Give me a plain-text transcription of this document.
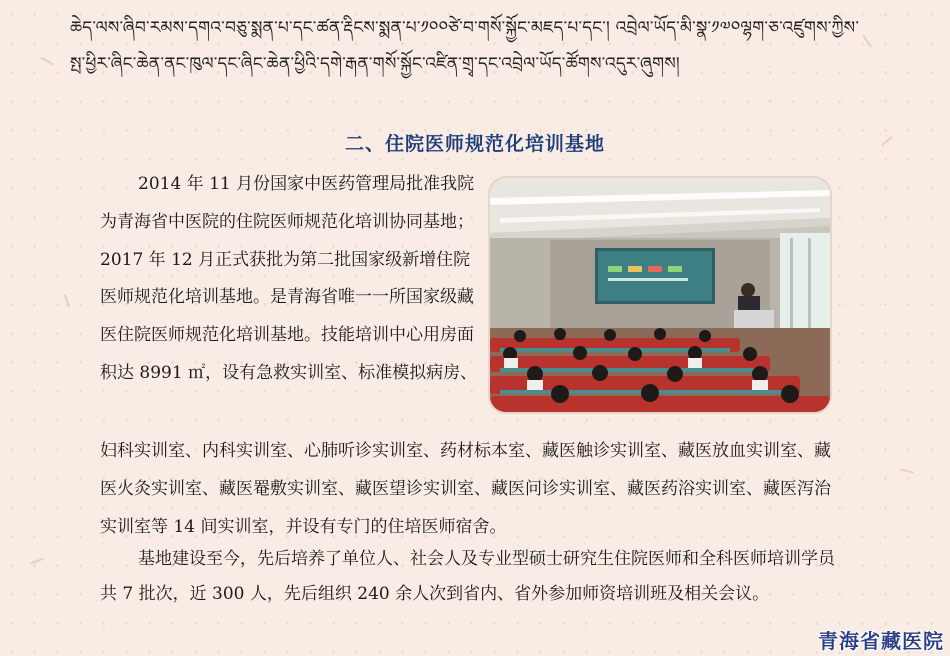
ཆེད་ལས་ཞིབ་རམས་དགའ་བཅུ་སྨན་པ་དང་ཚན་རྡིངས་སྨན་པ་༡༠༠ཙེ་བ་གསོ་སྐྱོང་མཇད་པ་དང་། འབྲེལ་ཡོད་མི་སྣ་༡༧༠ལྷག་ཅ་འཛུགས་ཀྱིས་སྤ་ཕྱིར་ཞིང་ཆེན་ནང་ཁུལ་དང་ཞིང་ཆེན་ཕྱིའི་དགེ་རྒན་གསོ་སྐྱོང་འཛིན་གྲྭ་དང་འབྲེལ་ཡོད་ཚོགས་འདུར་ཞུགས།

二、住院医师规范化培训基地

2014 年 11 月份国家中医药管理局批准我院为青海省中医院的住院医师规范化培训协同基地；2017 年 12 月正式获批为第二批国家级新增住院医师规范化培训基地。是青海省唯一一所国家级藏医住院医师规范化培训基地。技能培训中心用房面积达 8991 ㎡，设有急救实训室、标准模拟病房、

妇科实训室、内科实训室、心肺听诊实训室、药材标本室、藏医触诊实训室、藏医放血实训室、藏医火灸实训室、藏医罨敷实训室、藏医望诊实训室、藏医问诊实训室、藏医药浴实训室、藏医泻治实训室等 14 间实训室，并设有专门的住培医师宿舍。

基地建设至今，先后培养了单位人、社会人及专业型硕士研究生住院医师和全科医师培训学员共 7 批次，近 300 人，先后组织 240 余人次到省内、省外参加师资培训班及相关会议。

青海省藏医院
